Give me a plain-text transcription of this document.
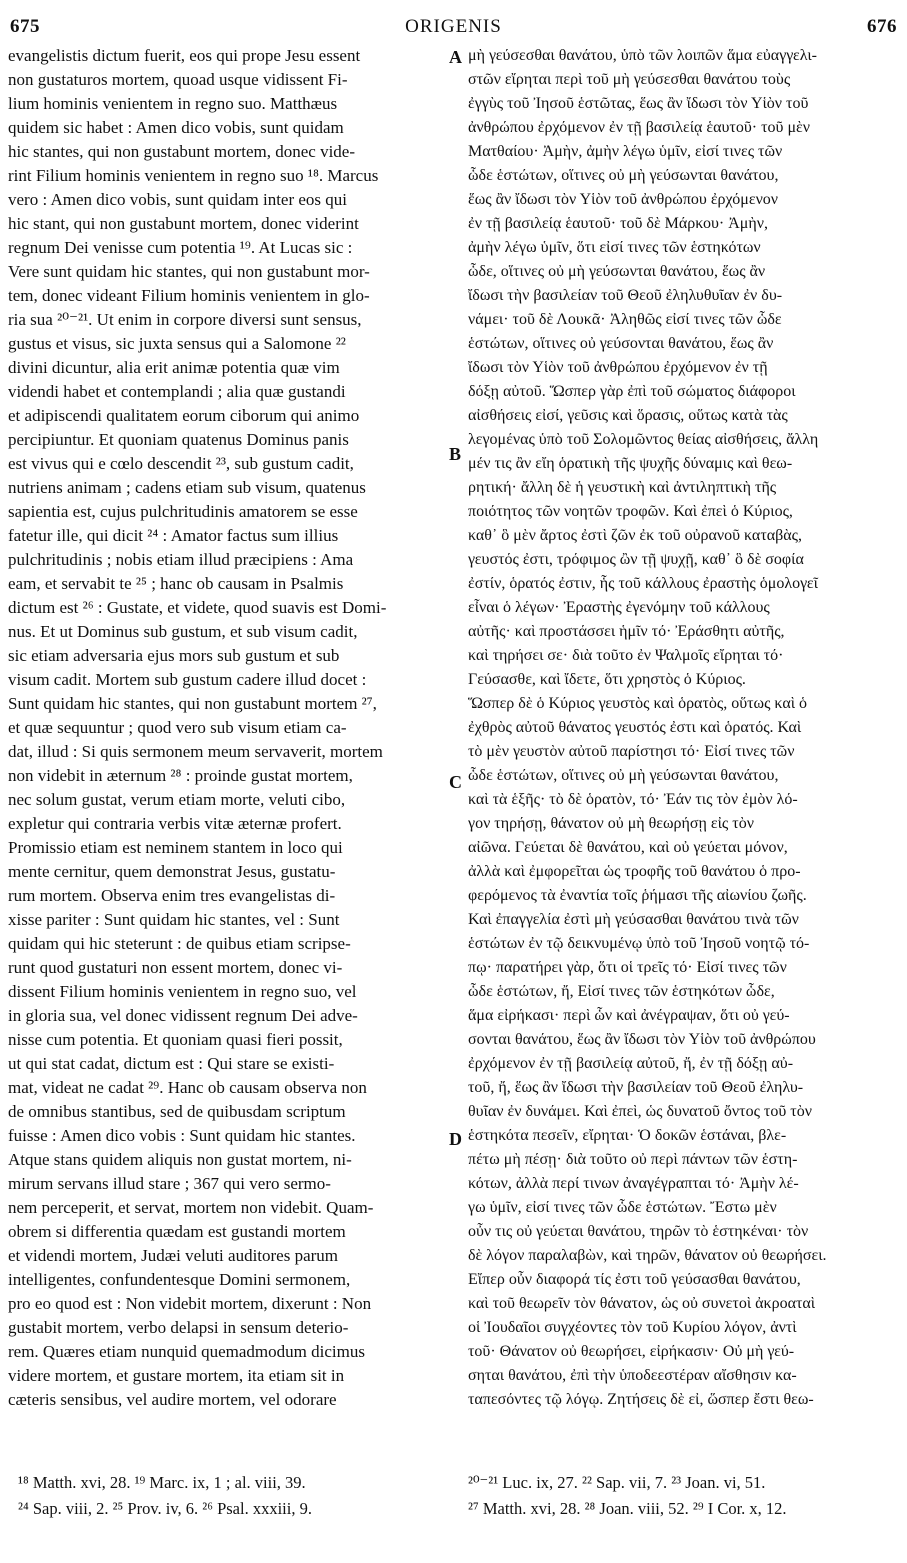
675	ORIGENIS	676
evangelistis dictum fuerit, eos qui prope Jesu essent
non gustaturos mortem, quoad usque vidissent Fi-
lium hominis venientem in regno suo. Matthæus
quidem sic habet : Amen dico vobis, sunt quidam
hic stantes, qui non gustabunt mortem, donec vide-
rint Filium hominis venientem in regno suo ¹⁸. Marcus
vero : Amen dico vobis, sunt quidam inter eos qui
hic stant, qui non gustabunt mortem, donec viderint
regnum Dei venisse cum potentia ¹⁹. At Lucas sic :
Vere sunt quidam hic stantes, qui non gustabunt mor-
tem, donec videant Filium hominis venientem in glo-
ria sua ²⁰⁻²¹. Ut enim in corpore diversi sunt sensus,
gustus et visus, sic juxta sensus qui a Salomone ²²
divini dicuntur, alia erit animæ potentia quæ vim
videndi habet et contemplandi ; alia quæ gustandi
et adipiscendi qualitatem eorum ciborum qui animo
percipiuntur. Et quoniam quatenus Dominus panis
est vivus qui e cœlo descendit ²³, sub gustum cadit,
nutriens animam ; cadens etiam sub visum, quatenus
sapientia est, cujus pulchritudinis amatorem se esse
fatetur ille, qui dicit ²⁴ : Amator factus sum illius
pulchritudinis ; nobis etiam illud præcipiens : Ama
eam, et servabit te ²⁵ ; hanc ob causam in Psalmis
dictum est ²⁶ : Gustate, et videte, quod suavis est Domi-
nus. Et ut Dominus sub gustum, et sub visum cadit,
sic etiam adversaria ejus mors sub gustum et sub
visum cadit. Mortem sub gustum cadere illud docet :
Sunt quidam hic stantes, qui non gustabunt mortem ²⁷,
et quæ sequuntur ; quod vero sub visum etiam ca-
dat, illud : Si quis sermonem meum servaverit, mortem
non videbit in æternum ²⁸ : proinde gustat mortem,
nec solum gustat, verum etiam morte, veluti cibo,
expletur qui contraria verbis vitæ æternæ profert.
Promissio etiam est neminem stantem in loco qui
mente cernitur, quem demonstrat Jesus, gustatu-
rum mortem. Observa enim tres evangelistas di-
xisse pariter : Sunt quidam hic stantes, vel : Sunt
quidam qui hic steterunt : de quibus etiam scripse-
runt quod gustaturi non essent mortem, donec vi-
dissent Filium hominis venientem in regno suo, vel
in gloria sua, vel donec vidissent regnum Dei adve-
nisse cum potentia. Et quoniam quasi fieri possit,
ut qui stat cadat, dictum est : Qui stare se existi-
mat, videat ne cadat ²⁹. Hanc ob causam observa non
de omnibus stantibus, sed de quibusdam scriptum
fuisse : Amen dico vobis : Sunt quidam hic stantes.
Atque stans quidem aliquis non gustat mortem, ni-
mirum servans illud stare ; 367 qui vero sermo-
nem perceperit, et servat, mortem non videbit. Quam-
obrem si differentia quædam est gustandi mortem
et videndi mortem, Judæi veluti auditores parum
intelligentes, confundentesque Domini sermonem,
pro eo quod est : Non videbit mortem, dixerunt : Non
gustabit mortem, verbo delapsi in sensum deterio-
rem. Quæres etiam nunquid quemadmodum dicimus
videre mortem, et gustare mortem, ita etiam sit in
cæteris sensibus, vel audire mortem, vel odorare
μὴ γεύσεσθαι θανάτου, ὑπὸ τῶν λοιπῶν ἅμα εὐαγγελι-
στῶν εἴρηται περὶ τοῦ μὴ γεύσεσθαι θανάτου τοὺς
ἐγγὺς τοῦ Ἰησοῦ ἑστῶτας, ἕως ἂν ἴδωσι τὸν Υἱὸν τοῦ
ἀνθρώπου ἐρχόμενον ἐν τῇ βασιλείᾳ ἑαυτοῦ· τοῦ μὲν
Ματθαίου· Ἀμὴν, ἀμὴν λέγω ὑμῖν, εἰσί τινες τῶν
ὧδε ἑστώτων, οἵτινες οὐ μὴ γεύσωνται θανάτου,
ἕως ἂν ἴδωσι τὸν Υἱὸν τοῦ ἀνθρώπου ἐρχόμενον
ἐν τῇ βασιλείᾳ ἑαυτοῦ· τοῦ δὲ Μάρκου· Ἀμὴν,
ἀμὴν λέγω ὑμῖν, ὅτι εἰσί τινες τῶν ἑστηκότων
ὧδε, οἵτινες οὐ μὴ γεύσωνται θανάτου, ἕως ἂν
ἴδωσι τὴν βασιλείαν τοῦ Θεοῦ ἐληλυθυῖαν ἐν δυ-
νάμει· τοῦ δὲ Λουκᾶ· Ἀληθῶς εἰσί τινες τῶν ὧδε
ἑστώτων, οἵτινες οὐ γεύσονται θανάτου, ἕως ἂν
ἴδωσι τὸν Υἱὸν τοῦ ἀνθρώπου ἐρχόμενον ἐν τῇ
δόξῃ αὐτοῦ. Ὥσπερ γὰρ ἐπὶ τοῦ σώματος διάφοροι
αἰσθήσεις εἰσί, γεῦσις καὶ ὅρασις, οὕτως κατὰ τὰς
λεγομένας ὑπὸ τοῦ Σολομῶντος θείας αἰσθήσεις, ἄλλη
μέν τις ἂν εἴη ὁρατικὴ τῆς ψυχῆς δύναμις καὶ θεω-
ρητική· ἄλλη δὲ ἡ γευστικὴ καὶ ἀντιληπτικὴ τῆς
ποιότητος τῶν νοητῶν τροφῶν. Καὶ ἐπεὶ ὁ Κύριος,
καθ᾽ ὃ μὲν ἄρτος ἐστὶ ζῶν ἐκ τοῦ οὐρανοῦ καταβὰς,
γευστός ἐστι, τρόφιμος ὢν τῇ ψυχῇ, καθ᾽ ὃ δὲ σοφία
ἐστίν, ὁρατός ἐστιν, ἧς τοῦ κάλλους ἐραστὴς ὁμολογεῖ
εἶναι ὁ λέγων· Ἐραστὴς ἐγενόμην τοῦ κάλλους
αὐτῆς· καὶ προστάσσει ἡμῖν τό· Ἐράσθητι αὐτῆς,
καὶ τηρήσει σε· διὰ τοῦτο ἐν Ψαλμοῖς εἴρηται τό·
Γεύσασθε, καὶ ἴδετε, ὅτι χρηστὸς ὁ Κύριος.
Ὥσπερ δὲ ὁ Κύριος γευστὸς καὶ ὁρατὸς, οὕτως καὶ ὁ
ἐχθρὸς αὐτοῦ θάνατος γευστός ἐστι καὶ ὁρατός. Καὶ
τὸ μὲν γευστὸν αὐτοῦ παρίστησι τό· Εἰσί τινες τῶν
ὧδε ἑστώτων, οἵτινες οὐ μὴ γεύσωνται θανάτου,
καὶ τὰ ἑξῆς· τὸ δὲ ὁρατὸν, τό· Ἐάν τις τὸν ἐμὸν λό-
γον τηρήσῃ, θάνατον οὐ μὴ θεωρήσῃ εἰς τὸν
αἰῶνα. Γεύεται δὲ θανάτου, καὶ οὐ γεύεται μόνον,
ἀλλὰ καὶ ἐμφορεῖται ὡς τροφῆς τοῦ θανάτου ὁ προ-
φερόμενος τὰ ἐναντία τοῖς ῥήμασι τῆς αἰωνίου ζωῆς.
Καὶ ἐπαγγελία ἐστὶ μὴ γεύσασθαι θανάτου τινὰ τῶν
ἑστώτων ἐν τῷ δεικνυμένῳ ὑπὸ τοῦ Ἰησοῦ νοητῷ τό-
πῳ· παρατήρει γὰρ, ὅτι οἱ τρεῖς τό· Εἰσί τινες τῶν
ὧδε ἑστώτων, ἤ, Εἰσί τινες τῶν ἑστηκότων ὧδε,
ἅμα εἰρήκασι· περὶ ὧν καὶ ἀνέγραψαν, ὅτι οὐ γεύ-
σονται θανάτου, ἕως ἂν ἴδωσι τὸν Υἱὸν τοῦ ἀνθρώπου
ἐρχόμενον ἐν τῇ βασιλείᾳ αὐτοῦ, ἤ, ἐν τῇ δόξῃ αὐ-
τοῦ, ἤ, ἕως ἂν ἴδωσι τὴν βασιλείαν τοῦ Θεοῦ ἐληλυ-
θυῖαν ἐν δυνάμει. Καὶ ἐπεὶ, ὡς δυνατοῦ ὄντος τοῦ τὸν
ἑστηκότα πεσεῖν, εἴρηται· Ὁ δοκῶν ἑστάναι, βλε-
πέτω μὴ πέσῃ· διὰ τοῦτο οὐ περὶ πάντων τῶν ἑστη-
κότων, ἀλλὰ περί τινων ἀναγέγραπται τό· Ἀμὴν λέ-
γω ὑμῖν, εἰσί τινες τῶν ὧδε ἑστώτων. Ἔστω μὲν
οὖν τις οὐ γεύεται θανάτου, τηρῶν τὸ ἑστηκέναι· τὸν
δὲ λόγον παραλαβὼν, καὶ τηρῶν, θάνατον οὐ θεωρήσει.
Εἴπερ οὖν διαφορά τίς ἐστι τοῦ γεύσασθαι θανάτου,
καὶ τοῦ θεωρεῖν τὸν θάνατον, ὡς οὐ συνετοὶ ἀκροαταὶ
οἱ Ἰουδαῖοι συγχέοντες τὸν τοῦ Κυρίου λόγον, ἀντὶ
τοῦ· Θάνατον οὐ θεωρήσει, εἰρήκασιν· Οὐ μὴ γεύ-
σηται θανάτου, ἐπὶ τὴν ὑποδεεστέραν αἴσθησιν κα-
ταπεσόντες τῷ λόγῳ. Ζητήσεις δὲ εἰ, ὥσπερ ἔστι θεω-
A
B
C
D
¹⁸ Matth. xvi, 28. ¹⁹ Marc. ix, 1 ; al. viii, 39.
²⁴ Sap. viii, 2. ²⁵ Prov. iv, 6. ²⁶ Psal. xxxiii, 9.
²⁰⁻²¹ Luc. ix, 27. ²² Sap. vii, 7. ²³ Joan. vi, 51.
²⁷ Matth. xvi, 28. ²⁸ Joan. viii, 52. ²⁹ I Cor. x, 12.
